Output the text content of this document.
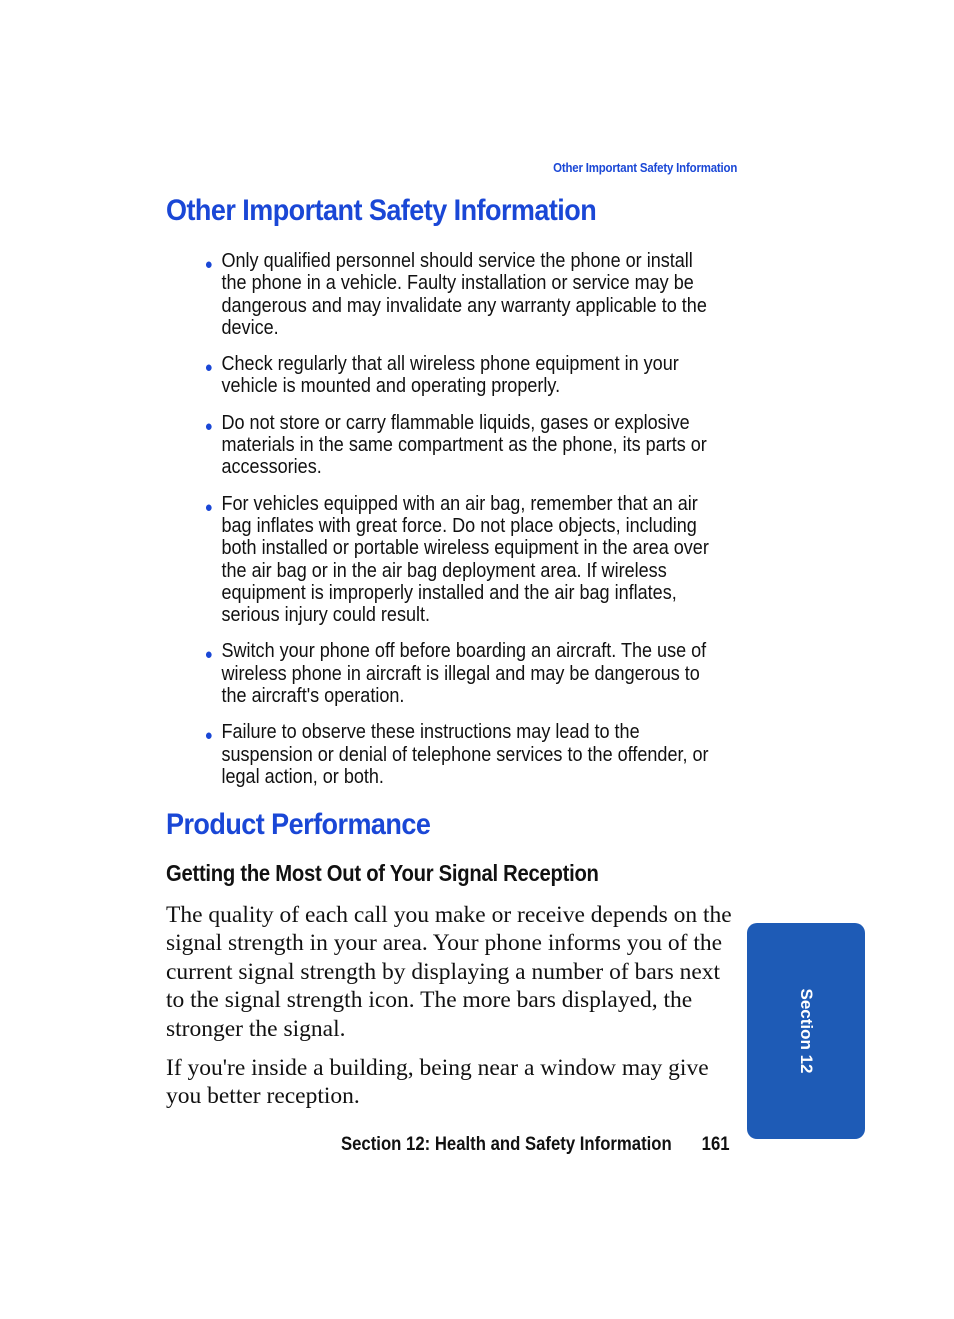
Other Important Safety Information
Other Important Safety Information
● Only qualified personnel should service the phone or install the phone in a vehicle. Faulty installation or service may be dangerous and may invalidate any warranty applicable to the device.
● Check regularly that all wireless phone equipment in your vehicle is mounted and operating properly.
● Do not store or carry flammable liquids, gases or explosive materials in the same compartment as the phone, its parts or accessories.
● For vehicles equipped with an air bag, remember that an air bag inflates with great force. Do not place objects, including both installed or portable wireless equipment in the area over the air bag or in the air bag deployment area. If wireless equipment is improperly installed and the air bag inflates, serious injury could result.
● Switch your phone off before boarding an aircraft. The use of wireless phone in aircraft is illegal and may be dangerous to the aircraft's operation.
● Failure to observe these instructions may lead to the suspension or denial of telephone services to the offender, or legal action, or both.
Product Performance
Getting the Most Out of Your Signal Reception

The quality of each call you make or receive depends on the signal strength in your area. Your phone informs you of the current signal strength by displaying a number of bars next to the signal strength icon. The more bars displayed, the stronger the signal.

If you're inside a building, being near a window may give you better reception.

Section 12: Health and Safety Information 161
Section 12
